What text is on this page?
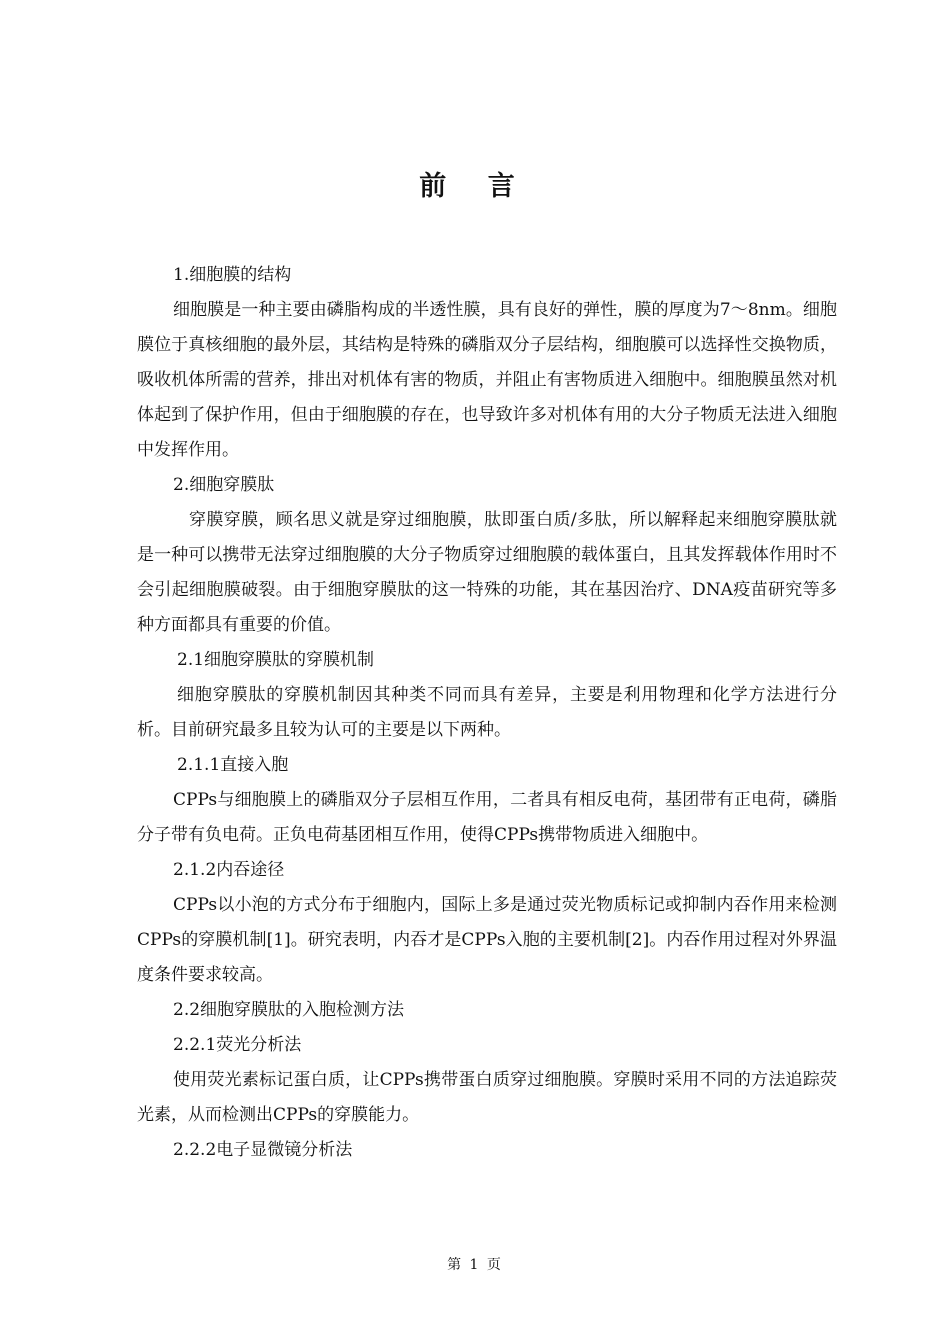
前 言

1.细胞膜的结构

细胞膜是一种主要由磷脂构成的半透性膜，具有良好的弹性，膜的厚度为7～8nm。细胞膜位于真核细胞的最外层，其结构是特殊的磷脂双分子层结构，细胞膜可以选择性交换物质，吸收机体所需的营养，排出对机体有害的物质，并阻止有害物质进入细胞中。细胞膜虽然对机体起到了保护作用，但由于细胞膜的存在，也导致许多对机体有用的大分子物质无法进入细胞中发挥作用。

2.细胞穿膜肽

穿膜穿膜，顾名思义就是穿过细胞膜，肽即蛋白质/多肽，所以解释起来细胞穿膜肽就是一种可以携带无法穿过细胞膜的大分子物质穿过细胞膜的载体蛋白，且其发挥载体作用时不会引起细胞膜破裂。由于细胞穿膜肽的这一特殊的功能，其在基因治疗、DNA疫苗研究等多种方面都具有重要的价值。

2.1细胞穿膜肽的穿膜机制

细胞穿膜肽的穿膜机制因其种类不同而具有差异，主要是利用物理和化学方法进行分析。目前研究最多且较为认可的主要是以下两种。

2.1.1直接入胞

CPPs与细胞膜上的磷脂双分子层相互作用，二者具有相反电荷，基团带有正电荷，磷脂分子带有负电荷。正负电荷基团相互作用，使得CPPs携带物质进入细胞中。

2.1.2内吞途径

CPPs以小泡的方式分布于细胞内，国际上多是通过荧光物质标记或抑制内吞作用来检测CPPs的穿膜机制[1]。研究表明，内吞才是CPPs入胞的主要机制[2]。内吞作用过程对外界温度条件要求较高。

2.2细胞穿膜肽的入胞检测方法

2.2.1荧光分析法

使用荧光素标记蛋白质，让CPPs携带蛋白质穿过细胞膜。穿膜时采用不同的方法追踪荧光素，从而检测出CPPs的穿膜能力。

2.2.2电子显微镜分析法

第 1 页
